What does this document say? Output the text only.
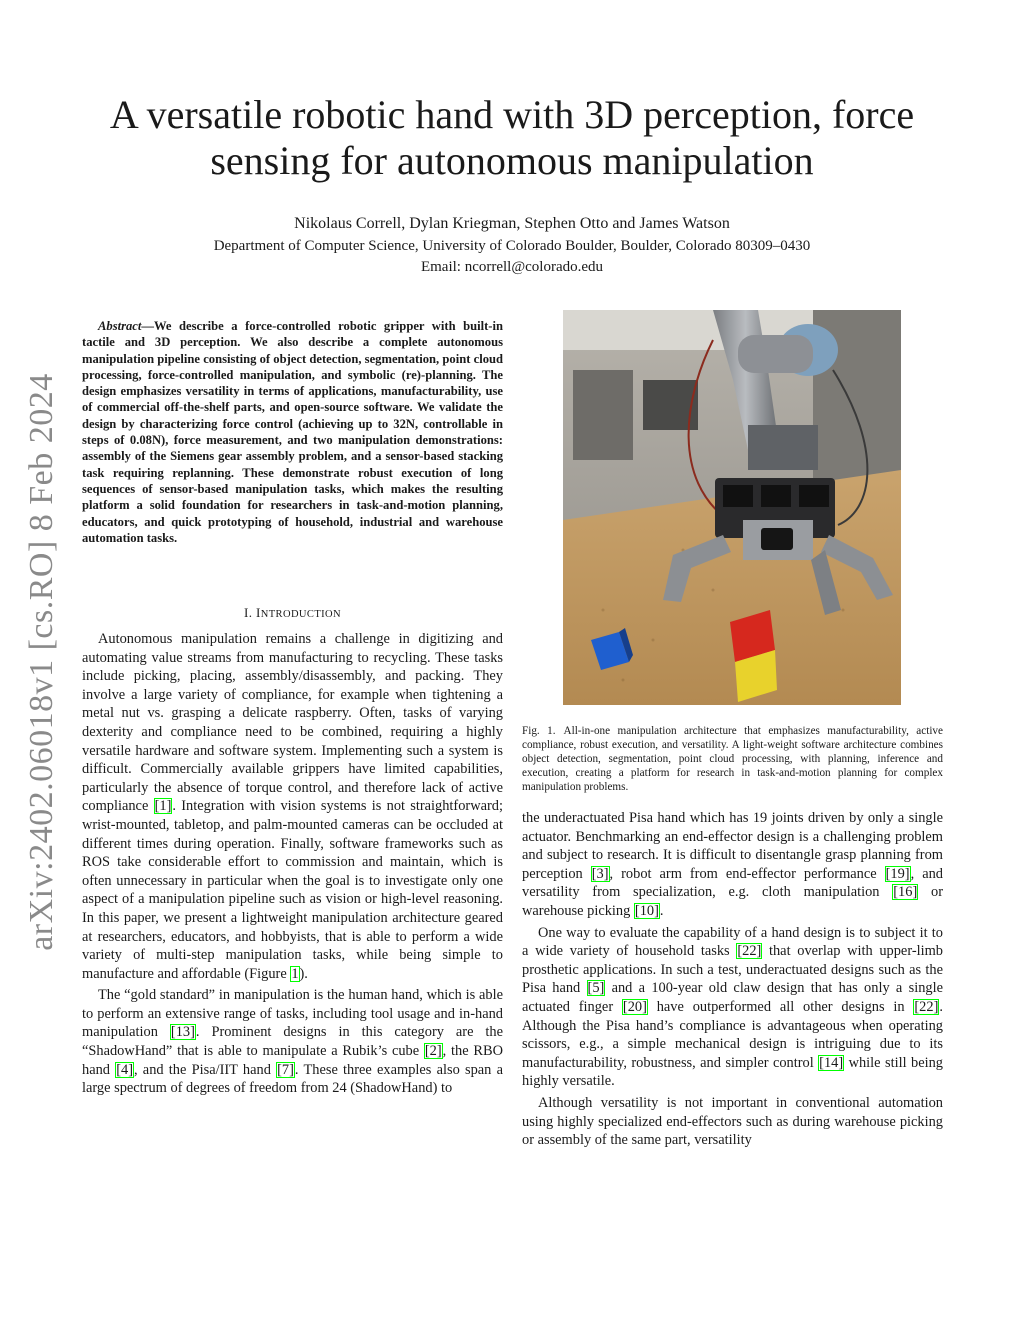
arXiv:2402.06018v1 [cs.RO] 8 Feb 2024
A versatile robotic hand with 3D perception, force sensing for autonomous manipulation
Nikolaus Correll, Dylan Kriegman, Stephen Otto and James Watson
Department of Computer Science, University of Colorado Boulder, Boulder, Colorado 80309–0430
Email: ncorrell@colorado.edu
Abstract—We describe a force-controlled robotic gripper with built-in tactile and 3D perception. We also describe a complete autonomous manipulation pipeline consisting of object detection, segmentation, point cloud processing, force-controlled manipulation, and symbolic (re)-planning. The design emphasizes versatility in terms of applications, manufacturability, use of commercial off-the-shelf parts, and open-source software. We validate the design by characterizing force control (achieving up to 32N, controllable in steps of 0.08N), force measurement, and two manipulation demonstrations: assembly of the Siemens gear assembly problem, and a sensor-based stacking task requiring replanning. These demonstrate robust execution of long sequences of sensor-based manipulation tasks, which makes the resulting platform a solid foundation for researchers in task-and-motion planning, educators, and quick prototyping of household, industrial and warehouse automation tasks.
I. INTRODUCTION

Autonomous manipulation remains a challenge in digitizing and automating value streams from manufacturing to recycling. These tasks include picking, placing, assembly/disassembly, and packing. They involve a large variety of compliance, for example when tightening a metal nut vs. grasping a delicate raspberry. Often, tasks of varying dexterity and compliance need to be combined, requiring a highly versatile hardware and software system. Implementing such a system is difficult. Commercially available grippers have limited capabilities, particularly the absence of torque control, and therefore lack of active compliance [1]. Integration with vision systems is not straightforward; wrist-mounted, tabletop, and palm-mounted cameras can be occluded at different times during operation. Finally, software frameworks such as ROS take considerable effort to commission and maintain, which is often unnecessary in particular when the goal is to investigate only one aspect of a manipulation pipeline such as vision or high-level reasoning. In this paper, we present a lightweight manipulation architecture geared at researchers, educators, and hobbyists, that is able to perform a wide variety of multi-step manipulation tasks, while being simple to manufacture and affordable (Figure 1).

The “gold standard” in manipulation is the human hand, which is able to perform an extensive range of tasks, including tool usage and in-hand manipulation [13]. Prominent designs in this category are the “ShadowHand” that is able to manipulate a Rubik’s cube [2], the RBO hand [4], and the Pisa/IIT hand [7]. These three examples also span a large spectrum of degrees of freedom from 24 (ShadowHand) to

Fig. 1. All-in-one manipulation architecture that emphasizes manufacturability, active compliance, robust execution, and versatility. A light-weight software architecture combines object detection, segmentation, point cloud processing, with planning, inference and execution, creating a platform for research in task-and-motion planning for complex manipulation problems.

the underactuated Pisa hand which has 19 joints driven by only a single actuator. Benchmarking an end-effector design is a challenging problem and subject to research. It is difficult to disentangle grasp planning from perception [3], robot arm from end-effector performance [19], and versatility from specialization, e.g. cloth manipulation [16] or warehouse picking [10].

One way to evaluate the capability of a hand design is to subject it to a wide variety of household tasks [22] that overlap with upper-limb prosthetic applications. In such a test, underactuated designs such as the Pisa hand [5] and a 100-year old claw design that has only a single actuated finger [20] have outperformed all other designs in [22]. Although the Pisa hand’s compliance is advantageous when operating scissors, e.g., a simple mechanical design is intriguing due to its manufacturability, robustness, and simpler control [14] while still being highly versatile.

Although versatility is not important in conventional automation using highly specialized end-effectors such as during warehouse picking or assembly of the same part, versatility
